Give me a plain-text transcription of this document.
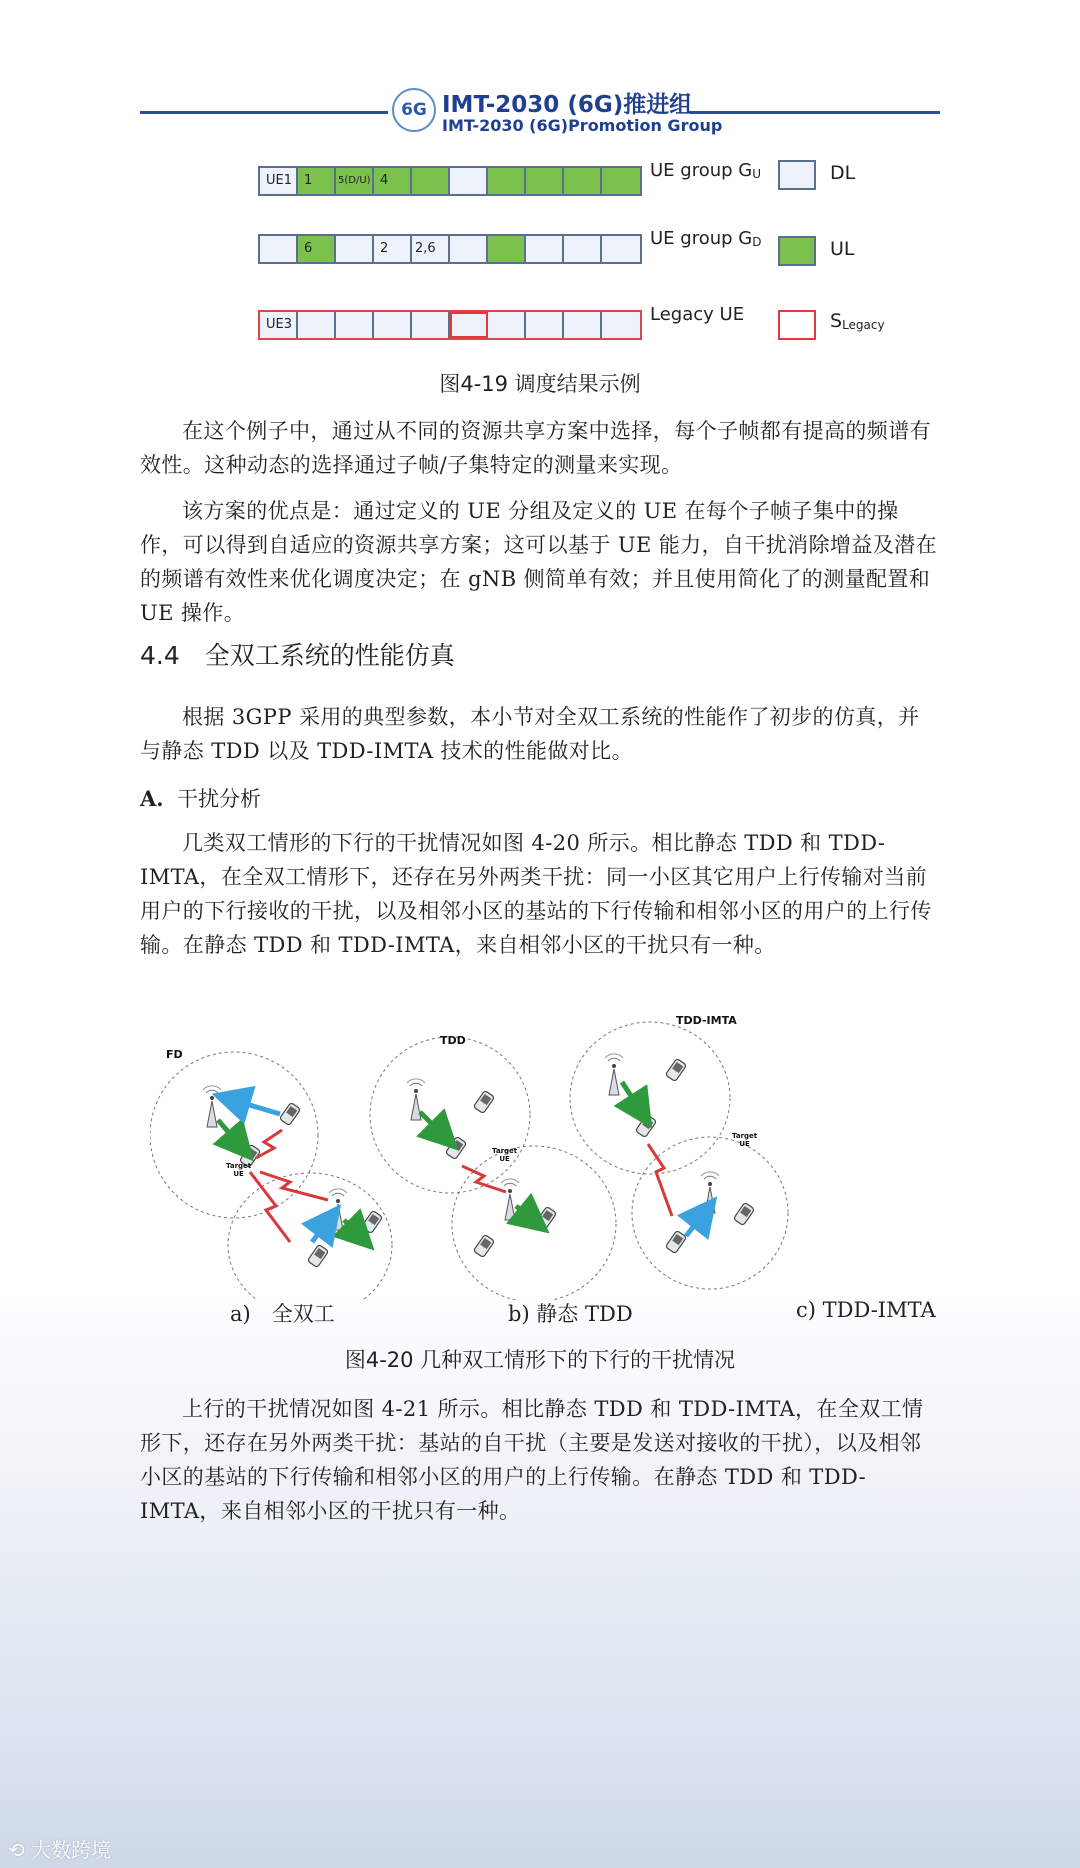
6G IMT-2030 (6G)推进组
IMT-2030 (6G)Promotion Group
UE1 1	5(D/U) 4
6	2	2,6
UE3
UE group $G_U$
UE group $G_D$
Legacy UE
DL
UL
$S_{Legacy}$
图4-19 调度结果示例

在这个例子中，通过从不同的资源共享方案中选择，每个子帧都有提高的频谱有效性。这种动态的选择通过子帧/子集特定的测量来实现。

该方案的优点是：通过定义的 UE 分组及定义的 UE 在每个子帧子集中的操作，可以得到自适应的资源共享方案；这可以基于 UE 能力，自干扰消除增益及潜在的频谱有效性来优化调度决定；在 gNB 侧简单有效；并且使用简化了的测量配置和 UE 操作。

4.4　全双工系统的性能仿真

根据 3GPP 采用的典型参数，本小节对全双工系统的性能作了初步的仿真，并与静态 TDD 以及 TDD-IMTA 技术的性能做对比。

A. 干扰分析

几类双工情形的下行的干扰情况如图 4-20 所示。相比静态 TDD 和 TDD-IMTA，在全双工情形下，还存在另外两类干扰：同一小区其它用户上行传输对当前用户的下行接收的干扰，以及相邻小区的基站的下行传输和相邻小区的用户的上行传输。在静态 TDD 和 TDD-IMTA，来自相邻小区的干扰只有一种。

FD
TDD
TDD-IMTA
Target
UE
Target
UE
Target
UE
a)　全双工	b) 静态 TDD	c) TDD-IMTA
图4-20 几种双工情形下的下行的干扰情况

上行的干扰情况如图 4-21 所示。相比静态 TDD 和 TDD-IMTA，在全双工情形下，还存在另外两类干扰：基站的自干扰（主要是发送对接收的干扰），以及相邻小区的基站的下行传输和相邻小区的用户的上行传输。在静态 TDD 和 TDD-IMTA，来自相邻小区的干扰只有一种。

⟲ 大数跨境
